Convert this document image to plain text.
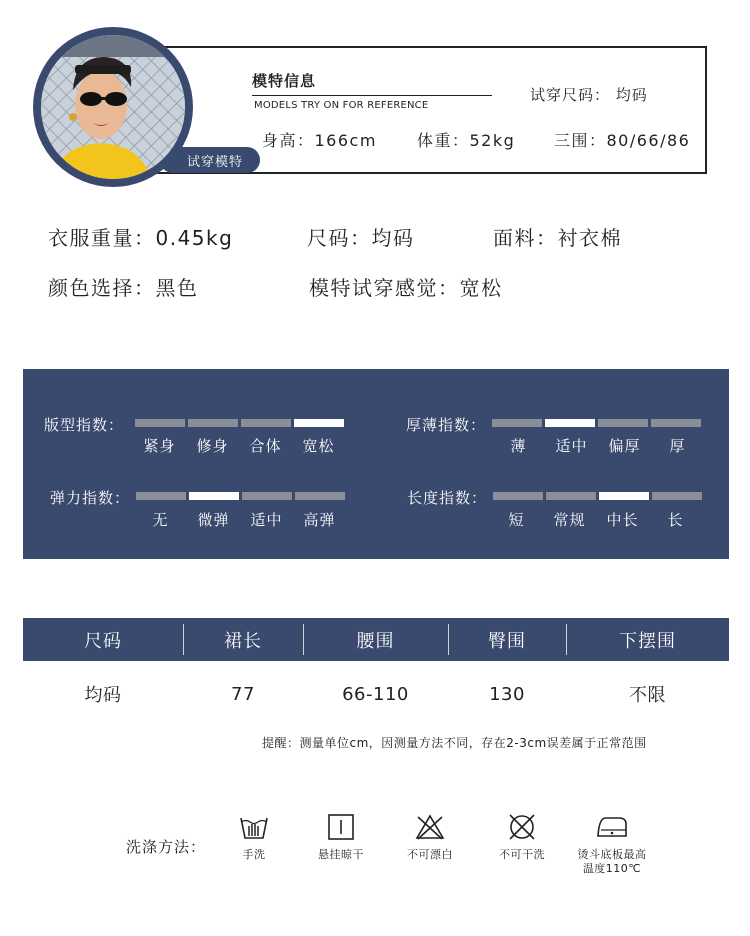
模特信息
MODELS TRY ON FOR REFERENCE
试穿尺码： 均码
身高：166cm	体重：52kg 三围：80/66/86
试穿模特
衣服重量：0.45kg	尺码：均码	面料：衬衣棉
颜色选择：黑色	模特试穿感觉：宽松
版型指数：
紧身	修身	合体	宽松
厚薄指数：
薄	适中	偏厚	厚
弹力指数：
无	微弹	适中	高弹
长度指数：
短	常规	中长	长
尺码	裙长	腰围	臀围	下摆围
均码	77	66-110	130	不限
提醒：测量单位cm，因测量方法不同，存在2-3cm误差属于正常范围
洗涤方法：	手洗	悬挂晾干	不可漂白	不可干洗	烫斗底板最高温度110℃
